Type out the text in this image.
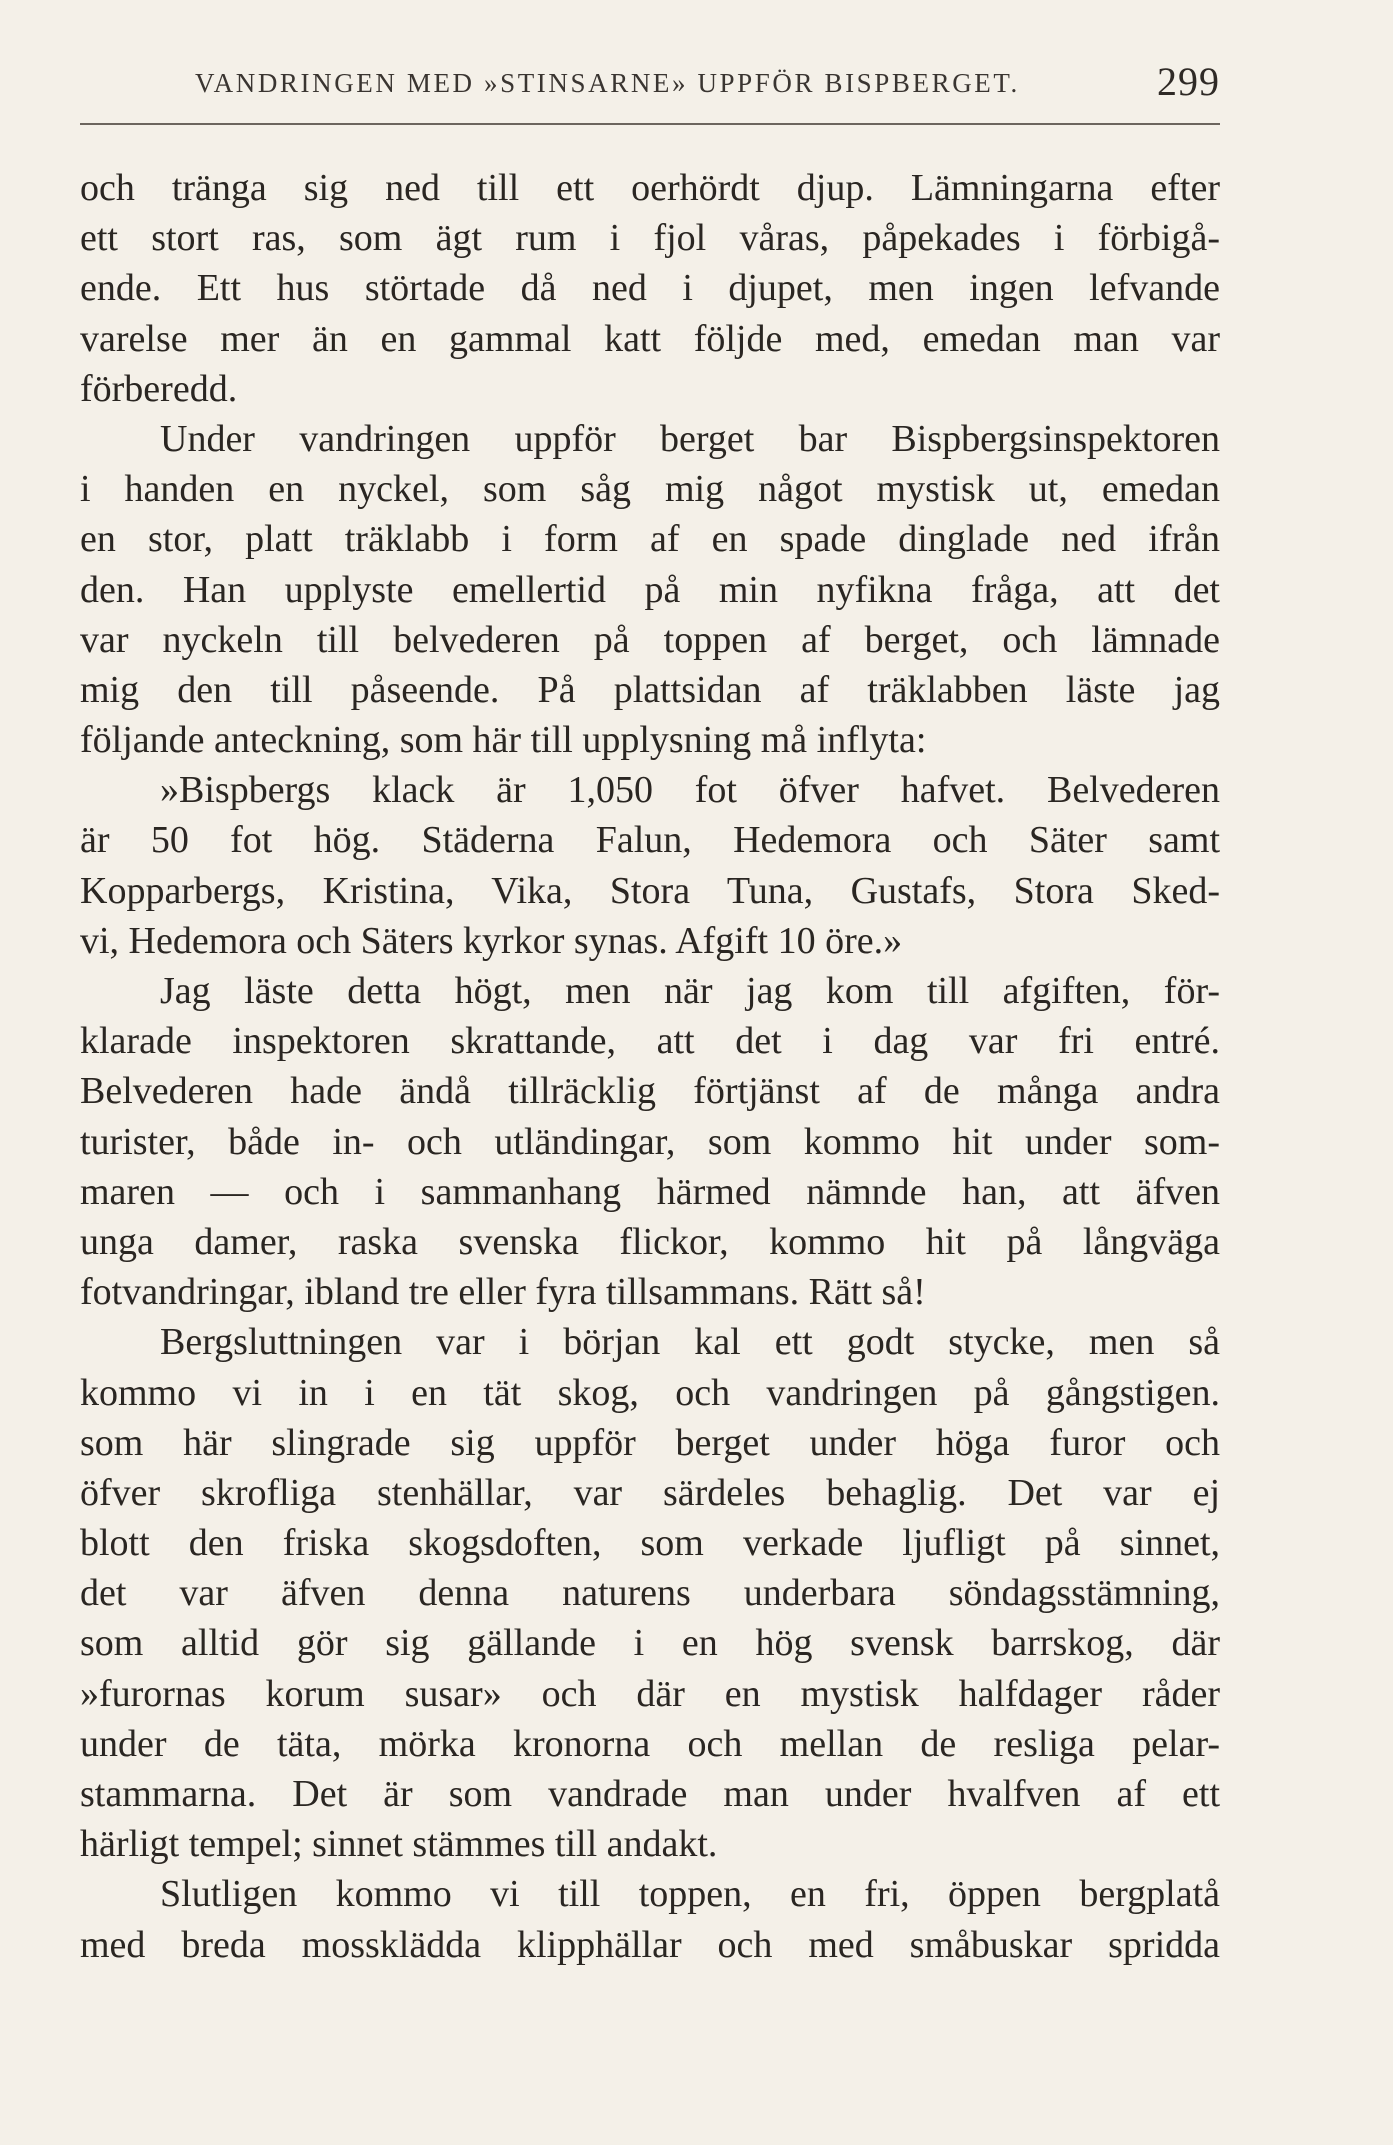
VANDRINGEN MED »STINSARNE» UPPFÖR BISPBERGET.	299
och tränga sig ned till ett oerhördt djup. Lämningarna efter
ett stort ras, som ägt rum i fjol våras, påpekades i förbigå-
ende. Ett hus störtade då ned i djupet, men ingen lefvande
varelse mer än en gammal katt följde med, emedan man var
förberedd.
Under vandringen uppför berget bar Bispbergsinspektoren
i handen en nyckel, som såg mig något mystisk ut, emedan
en stor, platt träklabb i form af en spade dinglade ned ifrån
den. Han upplyste emellertid på min nyfikna fråga, att det
var nyckeln till belvederen på toppen af berget, och lämnade
mig den till påseende. På plattsidan af träklabben läste jag
följande anteckning, som här till upplysning må inflyta:
»Bispbergs klack är 1,050 fot öfver hafvet. Belvederen
är 50 fot hög. Städerna Falun, Hedemora och Säter samt
Kopparbergs, Kristina, Vika, Stora Tuna, Gustafs, Stora Sked-
vi, Hedemora och Säters kyrkor synas. Afgift 10 öre.»
Jag läste detta högt, men när jag kom till afgiften, för-
klarade inspektoren skrattande, att det i dag var fri entré.
Belvederen hade ändå tillräcklig förtjänst af de många andra
turister, både in- och utländingar, som kommo hit under som-
maren — och i sammanhang härmed nämnde han, att äfven
unga damer, raska svenska flickor, kommo hit på långväga
fotvandringar, ibland tre eller fyra tillsammans. Rätt så!
Bergsluttningen var i början kal ett godt stycke, men så
kommo vi in i en tät skog, och vandringen på gångstigen.
som här slingrade sig uppför berget under höga furor och
öfver skrofliga stenhällar, var särdeles behaglig. Det var ej
blott den friska skogsdoften, som verkade ljufligt på sinnet,
det var äfven denna naturens underbara söndagsstämning,
som alltid gör sig gällande i en hög svensk barrskog, där
»furornas korum susar» och där en mystisk halfdager råder
under de täta, mörka kronorna och mellan de resliga pelar-
stammarna. Det är som vandrade man under hvalfven af ett
härligt tempel; sinnet stämmes till andakt.
Slutligen kommo vi till toppen, en fri, öppen bergplatå
med breda mossklädda klipphällar och med småbuskar spridda
